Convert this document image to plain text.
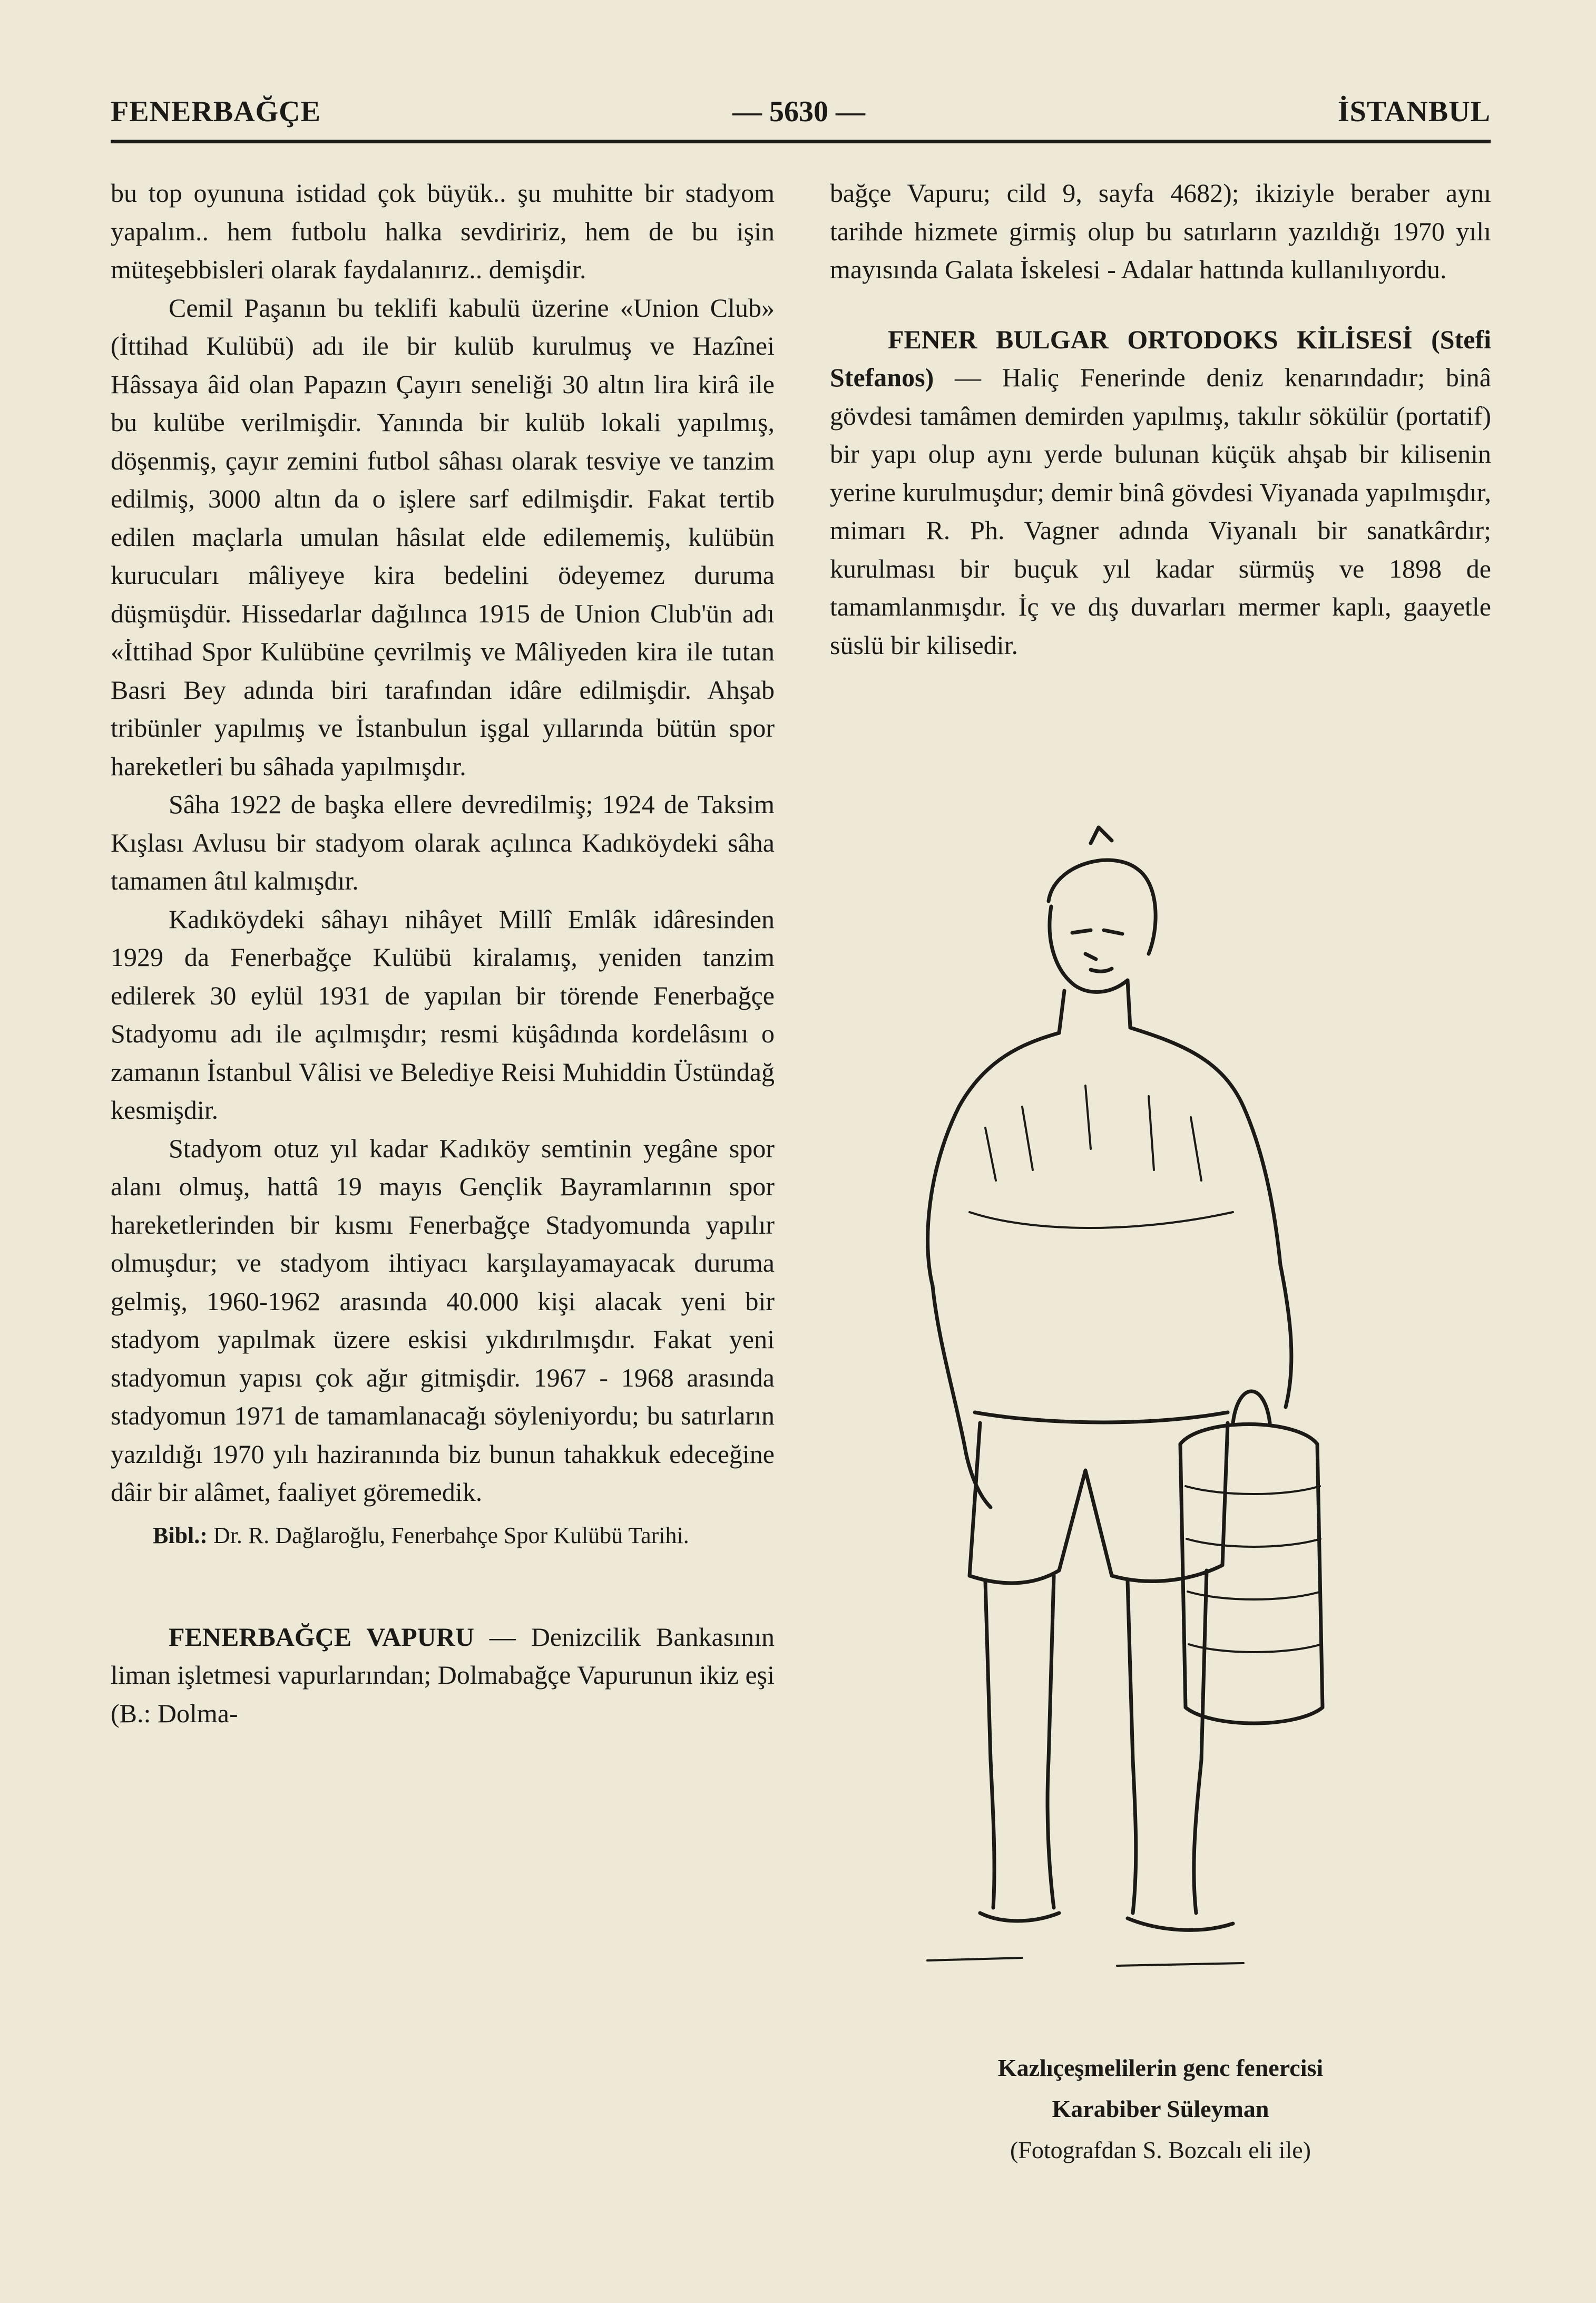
FENERBAĞÇE	— 5630 —	İSTANBUL

bu top oyununa istidad çok büyük.. şu muhitte bir stadyom yapalım.. hem futbolu halka sevdiririz, hem de bu işin müteşebbisleri olarak faydalanırız.. demişdir.

Cemil Paşanın bu teklifi kabulü üzerine «Union Club» (İttihad Kulübü) adı ile bir kulüb kurulmuş ve Hazînei Hâssaya âid olan Papazın Çayırı seneliği 30 altın lira kirâ ile bu kulübe verilmişdir. Yanında bir kulüb lokali yapılmış, döşenmiş, çayır zemini futbol sâhası olarak tesviye ve tanzim edilmiş, 3000 altın da o işlere sarf edilmişdir. Fakat tertib edilen maçlarla umulan hâsılat elde edilememiş, kulübün kurucuları mâliyeye kira bedelini ödeyemez duruma düşmüşdür. Hissedarlar dağılınca 1915 de Union Club'ün adı «İttihad Spor Kulübüne çevrilmiş ve Mâliyeden kira ile tutan Basri Bey adında biri tarafından idâre edilmişdir. Ahşab tribünler yapılmış ve İstanbulun işgal yıllarında bütün spor hareketleri bu sâhada yapılmışdır.

Sâha 1922 de başka ellere devredilmiş; 1924 de Taksim Kışlası Avlusu bir stadyom olarak açılınca Kadıköydeki sâha tamamen âtıl kalmışdır.

Kadıköydeki sâhayı nihâyet Millî Emlâk idâresinden 1929 da Fenerbağçe Kulübü kiralamış, yeniden tanzim edilerek 30 eylül 1931 de yapılan bir törende Fenerbağçe Stadyomu adı ile açılmışdır; resmi küşâdında kordelâsını o zamanın İstanbul Vâlisi ve Belediye Reisi Muhiddin Üstündağ kesmişdir.

Stadyom otuz yıl kadar Kadıköy semtinin yegâne spor alanı olmuş, hattâ 19 mayıs Gençlik Bayramlarının spor hareketlerinden bir kısmı Fenerbağçe Stadyomunda yapılır olmuşdur; ve stadyom ihtiyacı karşılayamayacak duruma gelmiş, 1960-1962 arasında 40.000 kişi alacak yeni bir stadyom yapılmak üzere eskisi yıkdırılmışdır. Fakat yeni stadyomun yapısı çok ağır gitmişdir. 1967 - 1968 arasında stadyomun 1971 de tamamlanacağı söyleniyordu; bu satırların yazıldığı 1970 yılı haziranında biz bunun tahakkuk edeceğine dâir bir alâmet, faaliyet göremedik.

Bibl.: Dr. R. Dağlaroğlu, Fenerbahçe Spor Kulübü Tarihi.

FENERBAĞÇE VAPURU — Denizcilik Bankasının liman işletmesi vapurlarından; Dolmabağçe Vapurunun ikiz eşi (B.: Dolma-

bağçe Vapuru; cild 9, sayfa 4682); ikiziyle beraber aynı tarihde hizmete girmiş olup bu satırların yazıldığı 1970 yılı mayısında Galata İskelesi - Adalar hattında kullanılıyordu.

FENER BULGAR ORTODOKS KİLİSESİ (Stefi Stefanos) — Haliç Fenerinde deniz kenarındadır; binâ gövdesi tamâmen demirden yapılmış, takılır sökülür (portatif) bir yapı olup aynı yerde bulunan küçük ahşab bir kilisenin yerine kurulmuşdur; demir binâ gövdesi Viyanada yapılmışdır, mimarı R. Ph. Vagner adında Viyanalı bir sanatkârdır; kurulması bir buçuk yıl kadar sürmüş ve 1898 de tamamlanmışdır. İç ve dış duvarları mermer kaplı, gaayetle süslü bir kilisedir.

Kazlıçeşmelilerin genc fenercisi
Karabiber Süleyman
(Fotografdan S. Bozcalı eli ile)
